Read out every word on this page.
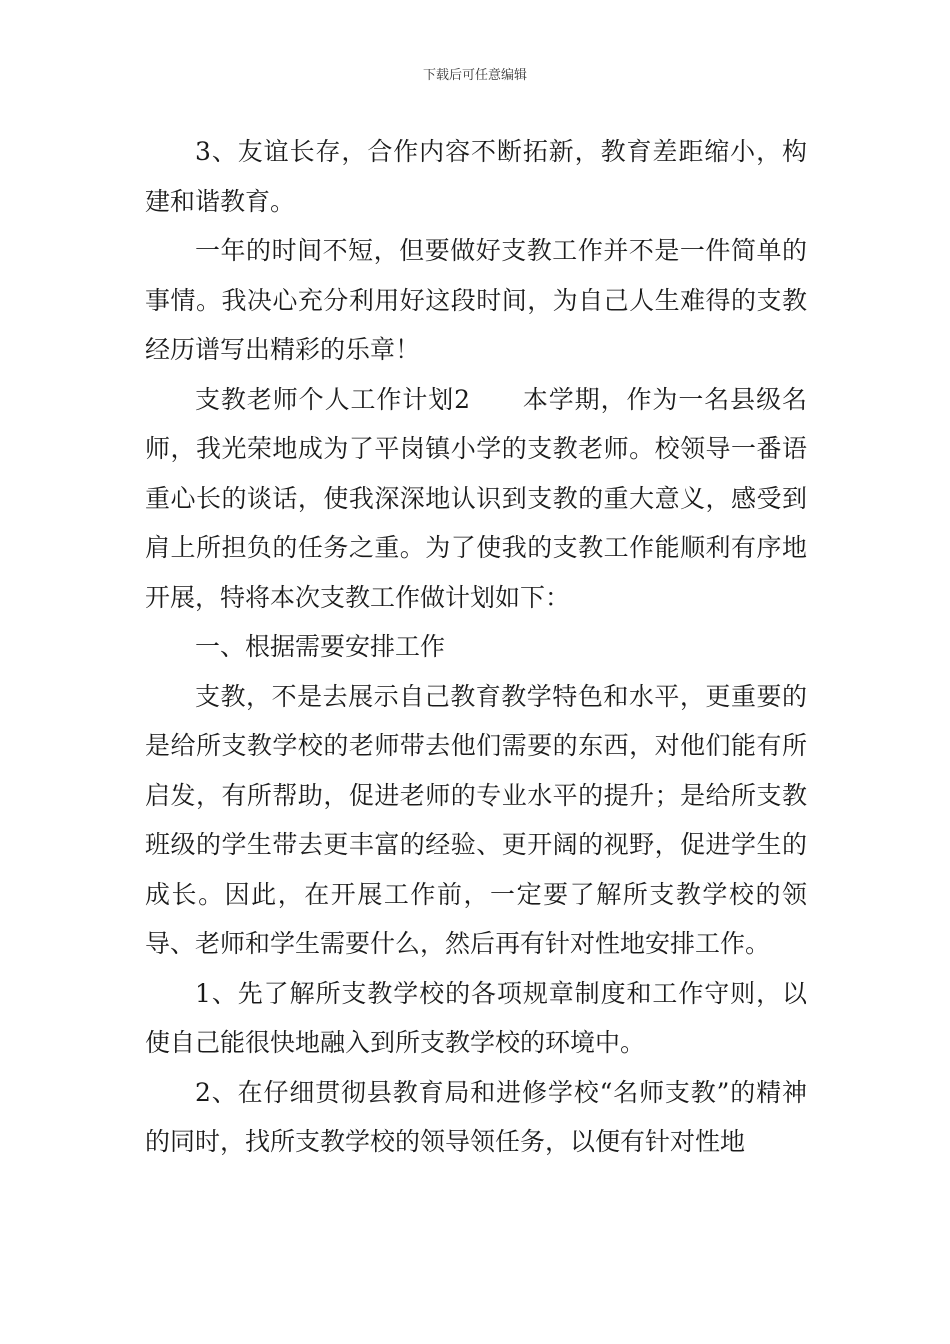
下载后可任意编辑

3、友谊长存，合作内容不断拓新，教育差距缩小，构建和谐教育。

一年的时间不短，但要做好支教工作并不是一件简单的事情。我决心充分利用好这段时间，为自己人生难得的支教经历谱写出精彩的乐章！

支教老师个人工作计划2　　本学期，作为一名县级名师，我光荣地成为了平岗镇小学的支教老师。校领导一番语重心长的谈话，使我深深地认识到支教的重大意义，感受到肩上所担负的任务之重。为了使我的支教工作能顺利有序地开展，特将本次支教工作做计划如下：

一、根据需要安排工作

支教，不是去展示自己教育教学特色和水平，更重要的是给所支教学校的老师带去他们需要的东西，对他们能有所启发，有所帮助，促进老师的专业水平的提升；是给所支教班级的学生带去更丰富的经验、更开阔的视野，促进学生的成长。因此，在开展工作前，一定要了解所支教学校的领导、老师和学生需要什么，然后再有针对性地安排工作。

1、先了解所支教学校的各项规章制度和工作守则，以使自己能很快地融入到所支教学校的环境中。

2、在仔细贯彻县教育局和进修学校“名师支教”的精神的同时，找所支教学校的领导领任务，以便有针对性地
